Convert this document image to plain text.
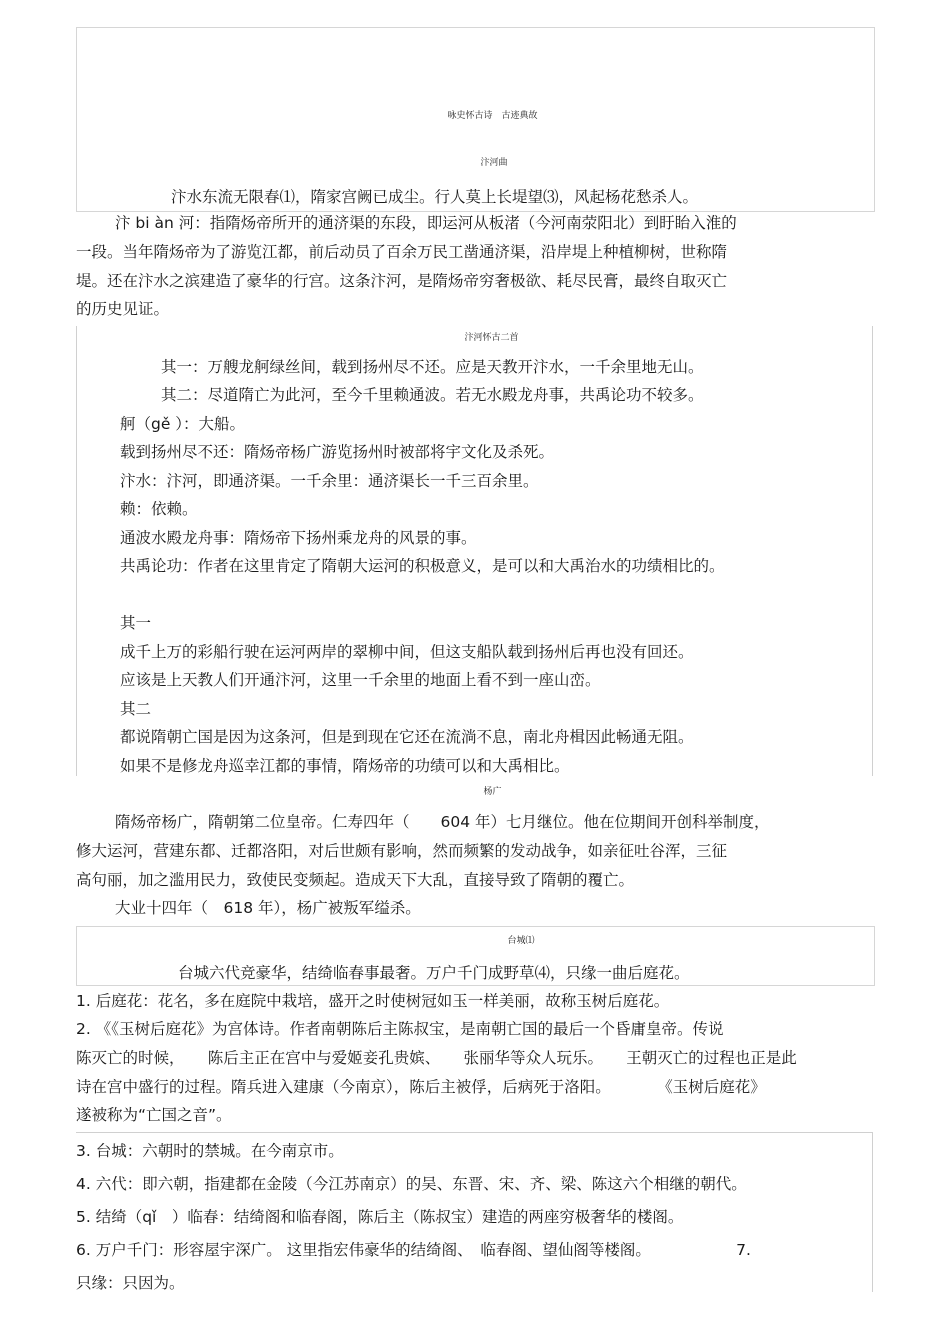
咏史怀古诗　古迹典故
汴河曲
汴水东流无限春⑴，隋家宫阙已成尘。行人莫上长堤望⑶，风起杨花愁杀人。
汴 bi àn 河：指隋炀帝所开的通济渠的东段，即运河从板渚（今河南荥阳北）到盱眙入淮的
一段。当年隋炀帝为了游览江都，前后动员了百余万民工凿通济渠，沿岸堤上种植柳树，世称隋
堤。还在汴水之滨建造了豪华的行宫。这条汴河，是隋炀帝穷奢极欲、耗尽民膏，最终自取灭亡
的历史见证。
汴河怀古二首
其一：万艘龙舸绿丝间，载到扬州尽不还。应是天教开汴水，一千余里地无山。
其二：尽道隋亡为此河，至今千里赖通波。若无水殿龙舟事，共禹论功不较多。
舸（gě ）：大船。
载到扬州尽不还：隋炀帝杨广游览扬州时被部将宇文化及杀死。
汴水：汴河，即通济渠。一千余里：通济渠长一千三百余里。
赖：依赖。
通波水殿龙舟事：隋炀帝下扬州乘龙舟的风景的事。
共禹论功：作者在这里肯定了隋朝大运河的积极意义，是可以和大禹治水的功绩相比的。
其一
成千上万的彩船行驶在运河两岸的翠柳中间，但这支船队载到扬州后再也没有回还。
应该是上天教人们开通汴河，这里一千余里的地面上看不到一座山峦。
其二
都说隋朝亡国是因为这条河，但是到现在它还在流淌不息，南北舟楫因此畅通无阻。
如果不是修龙舟巡幸江都的事情，隋炀帝的功绩可以和大禹相比。
杨广
隋炀帝杨广，隋朝第二位皇帝。仁寿四年（　　604 年）七月继位。他在位期间开创科举制度，
修大运河，营建东都、迁都洛阳，对后世颇有影响，然而频繁的发动战争，如亲征吐谷浑，三征
高句丽，加之滥用民力，致使民变频起。造成天下大乱，直接导致了隋朝的覆亡。
大业十四年（　618 年），杨广被叛军缢杀。
台城⑴
台城六代竞豪华，结绮临春事最奢。万户千门成野草⑷，只缘一曲后庭花。
1. 后庭花：花名，多在庭院中栽培，盛开之时使树冠如玉一样美丽，故称玉树后庭花。
2. 《《玉树后庭花》为宫体诗。作者南朝陈后主陈叔宝，是南朝亡国的最后一个昏庸皇帝。传说
陈灭亡的时候，　　陈后主正在宫中与爱姬妾孔贵嫔、　　张丽华等众人玩乐。　　王朝灭亡的过程也正是此
诗在宫中盛行的过程。隋兵进入建康（今南京），陈后主被俘，后病死于洛阳。　　　　《玉树后庭花》
遂被称为“亡国之音”。
3. 台城：六朝时的禁城。在今南京市。
4. 六代：即六朝，指建都在金陵（今江苏南京）的吴、东晋、宋、齐、梁、陈这六个相继的朝代。
5. 结绮（qǐ　）临春：结绮阁和临春阁，陈后主（陈叔宝）建造的两座穷极奢华的楼阁。
6. 万户千门：形容屋宇深广。 这里指宏伟豪华的结绮阁、　临春阁、望仙阁等楼阁。　　　　　　7.
只缘：只因为。
